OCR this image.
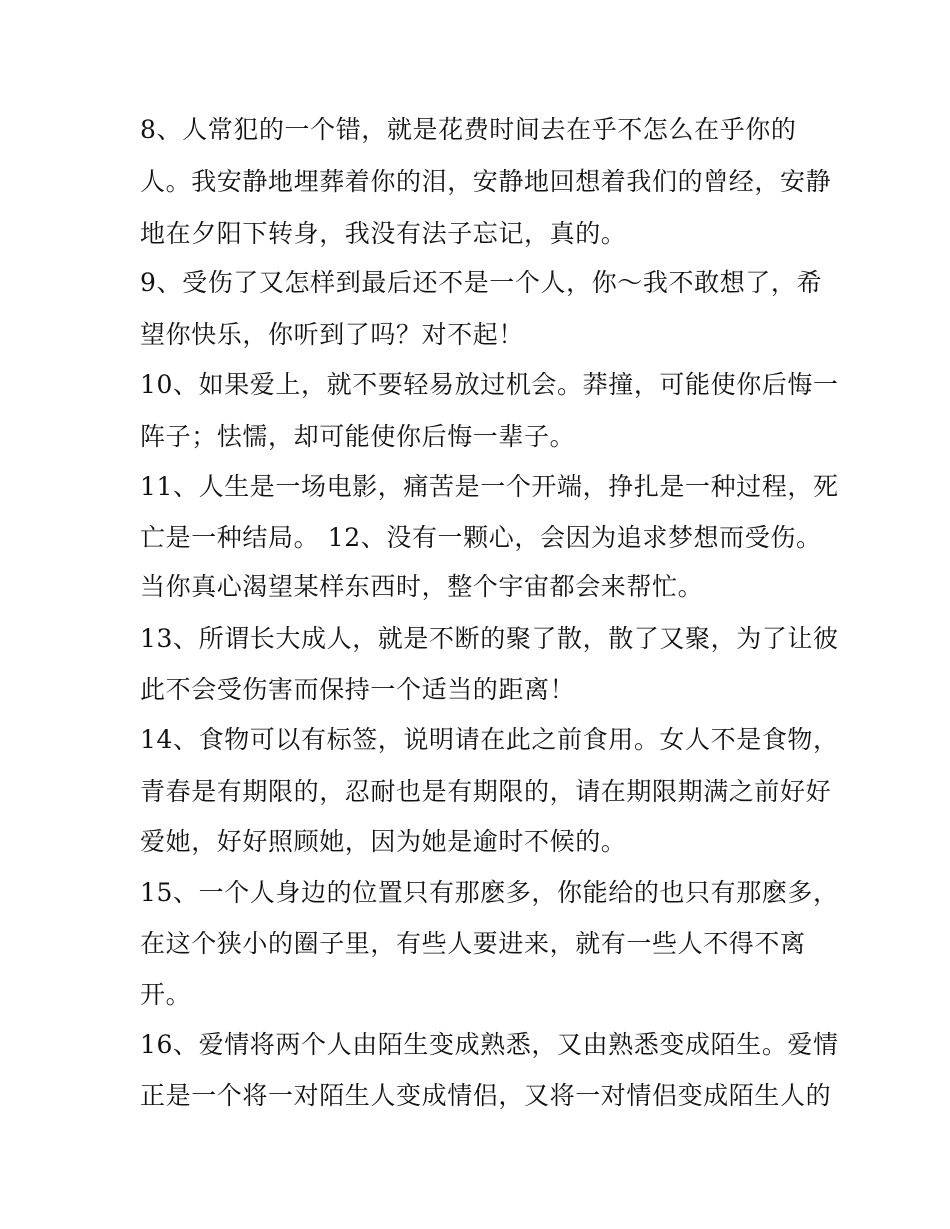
8、人常犯的一个错，就是花费时间去在乎不怎么在乎你的
人。我安静地埋葬着你的泪，安静地回想着我们的曾经，安静
地在夕阳下转身，我没有法子忘记，真的。
9、受伤了又怎样到最后还不是一个人，你～我不敢想了，希
望你快乐，你听到了吗？对不起！
10、如果爱上，就不要轻易放过机会。莽撞，可能使你后悔一
阵子；怯懦，却可能使你后悔一辈子。
11、人生是一场电影，痛苦是一个开端，挣扎是一种过程，死
亡是一种结局。 12、没有一颗心，会因为追求梦想而受伤。
当你真心渴望某样东西时，整个宇宙都会来帮忙。
13、所谓长大成人，就是不断的聚了散，散了又聚，为了让彼
此不会受伤害而保持一个适当的距离！
14、食物可以有标签，说明请在此之前食用。女人不是食物，
青春是有期限的，忍耐也是有期限的，请在期限期满之前好好
爱她，好好照顾她，因为她是逾时不候的。
15、一个人身边的位置只有那麽多，你能给的也只有那麽多，
在这个狭小的圈子里，有些人要进来，就有一些人不得不离
开。
16、爱情将两个人由陌生变成熟悉，又由熟悉变成陌生。爱情
正是一个将一对陌生人变成情侣，又将一对情侣变成陌生人的
